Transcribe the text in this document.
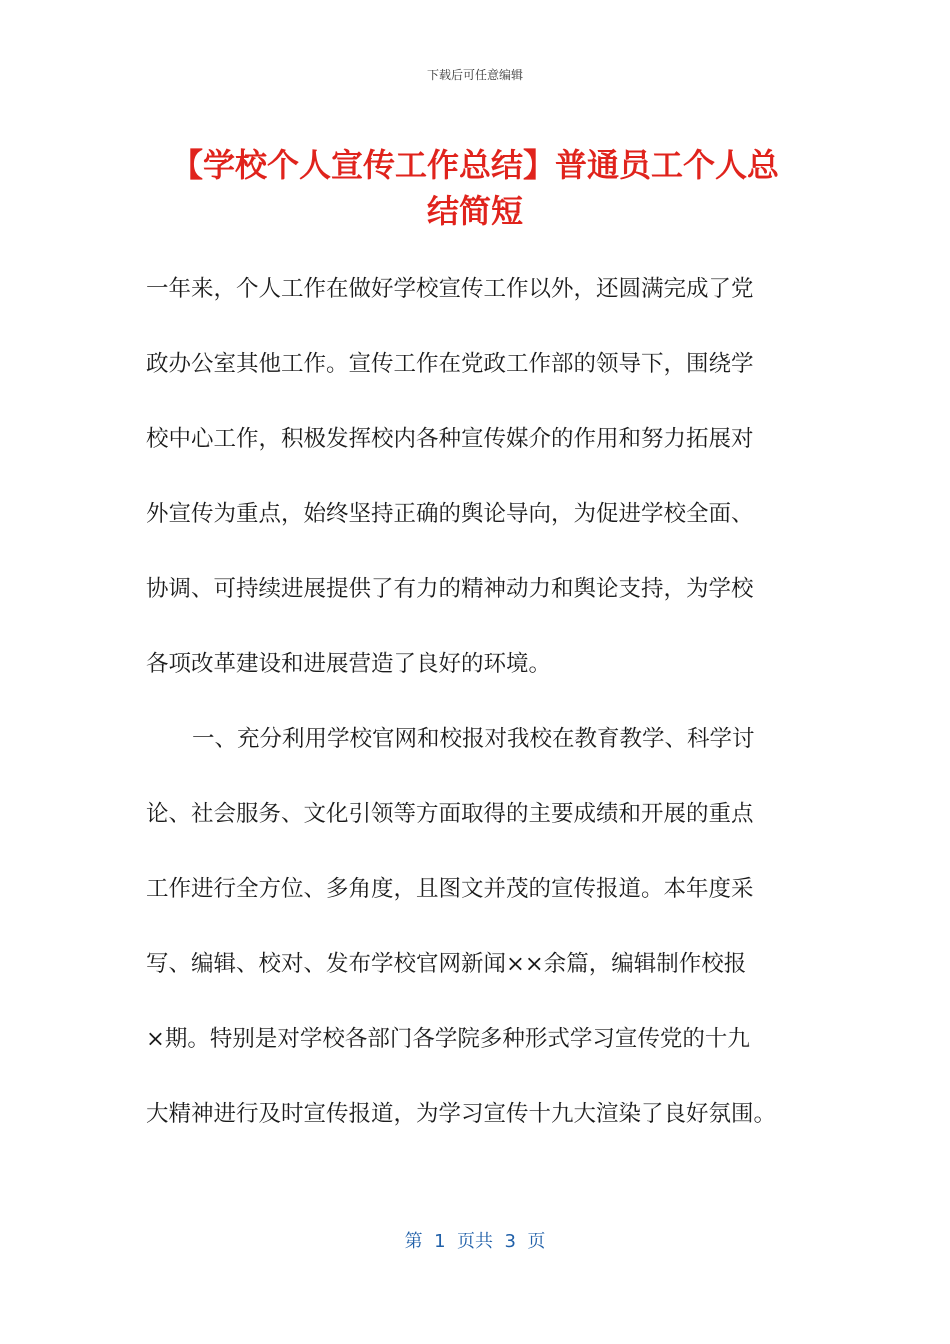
下载后可任意编辑
【学校个人宣传工作总结】普通员工个人总
结简短
一年来，个人工作在做好学校宣传工作以外，还圆满完成了党
政办公室其他工作。宣传工作在党政工作部的领导下，围绕学
校中心工作，积极发挥校内各种宣传媒介的作用和努力拓展对
外宣传为重点，始终坚持正确的舆论导向，为促进学校全面、
协调、可持续进展提供了有力的精神动力和舆论支持，为学校
各项改革建设和进展营造了良好的环境。
一、充分利用学校官网和校报对我校在教育教学、科学讨
论、社会服务、文化引领等方面取得的主要成绩和开展的重点
工作进行全方位、多角度，且图文并茂的宣传报道。本年度采
写、编辑、校对、发布学校官网新闻××余篇，编辑制作校报
×期。特别是对学校各部门各学院多种形式学习宣传党的十九
大精神进行及时宣传报道，为学习宣传十九大渲染了良好氛围。
第  1  页共  3  页
